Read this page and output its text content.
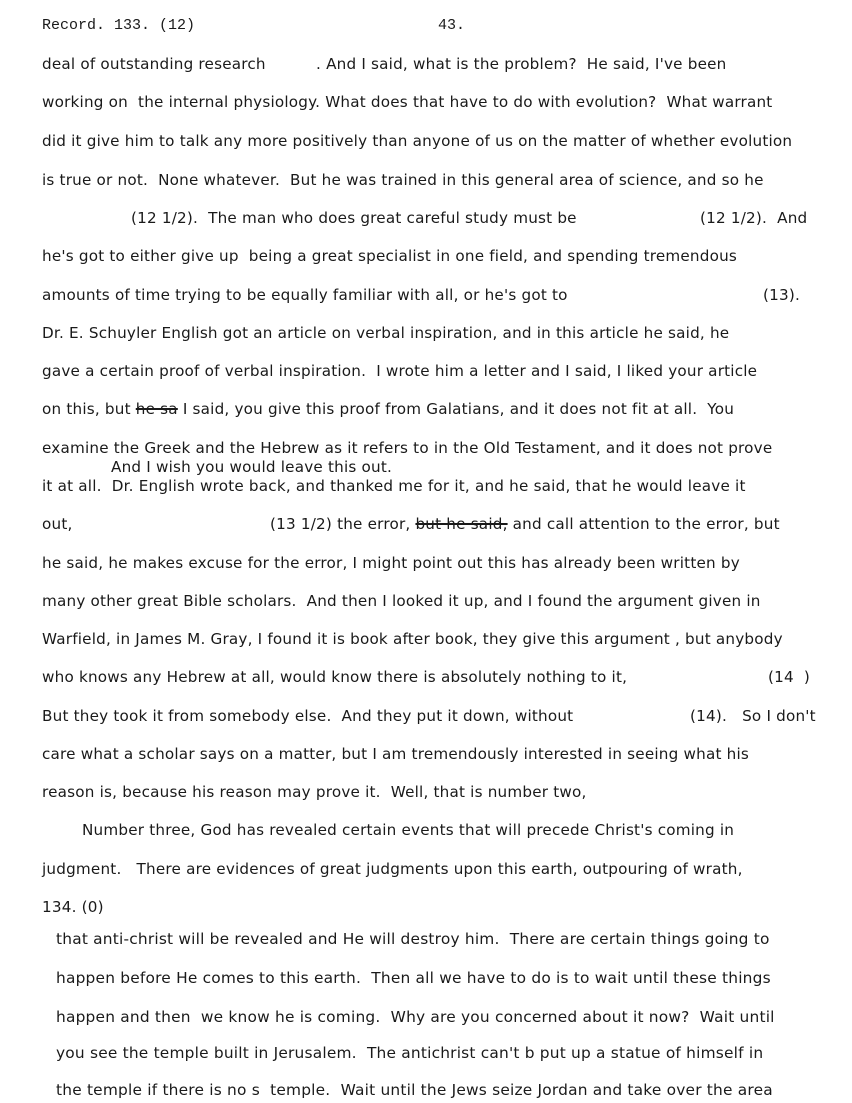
Record. 133. (12)	43.
deal of outstanding research          . And I said, what is the problem?  He said, I've been
working on  the internal physiology. What does that have to do with evolution?  What warrant
did it give him to talk any more positively than anyone of us on the matter of whether evolution
is true or not.  None whatever.  But he was trained in this general area of science, and so he
(12 1/2).  The man who does great careful study must be	(12 1/2).  And
he's got to either give up  being a great specialist in one field, and spending tremendous
amounts of time trying to be equally familiar with all, or he's got to	(13).
Dr. E. Schuyler English got an article on verbal inspiration, and in this article he said, he
gave a certain proof of verbal inspiration.  I wrote him a letter and I said, I liked your article
on this, but he sa I said, you give this proof from Galatians, and it does not fit at all.  You
examine the Greek and the Hebrew as it refers to in the Old Testament, and it does not prove
And I wish you would leave this out.
it at all.  Dr. English wrote back, and thanked me for it, and he said, that he would leave it
out,	(13 1/2) the error, but he said, and call attention to the error, but
he said, he makes excuse for the error, I might point out this has already been written by
many other great Bible scholars.  And then I looked it up, and I found the argument given in
Warfield, in James M. Gray, I found it is book after book, they give this argument , but anybody
who knows any Hebrew at all, would know there is absolutely nothing to it,	(14  )
But they took it from somebody else.  And they put it down, without	(14).   So I don't
care what a scholar says on a matter, but I am tremendously interested in seeing what his
reason is, because his reason may prove it.  Well, that is number two,
Number three, God has revealed certain events that will precede Christ's coming in
judgment.   There are evidences of great judgments upon this earth, outpouring of wrath,
134. (0)
that anti-christ will be revealed and He will destroy him.  There are certain things going to
happen before He comes to this earth.  Then all we have to do is to wait until these things
happen and then  we know he is coming.  Why are you concerned about it now?  Wait until
you see the temple built in Jerusalem.  The antichrist can't b put up a statue of himself in
the temple if there is no s  temple.  Wait until the Jews seize Jordan and take over the area
